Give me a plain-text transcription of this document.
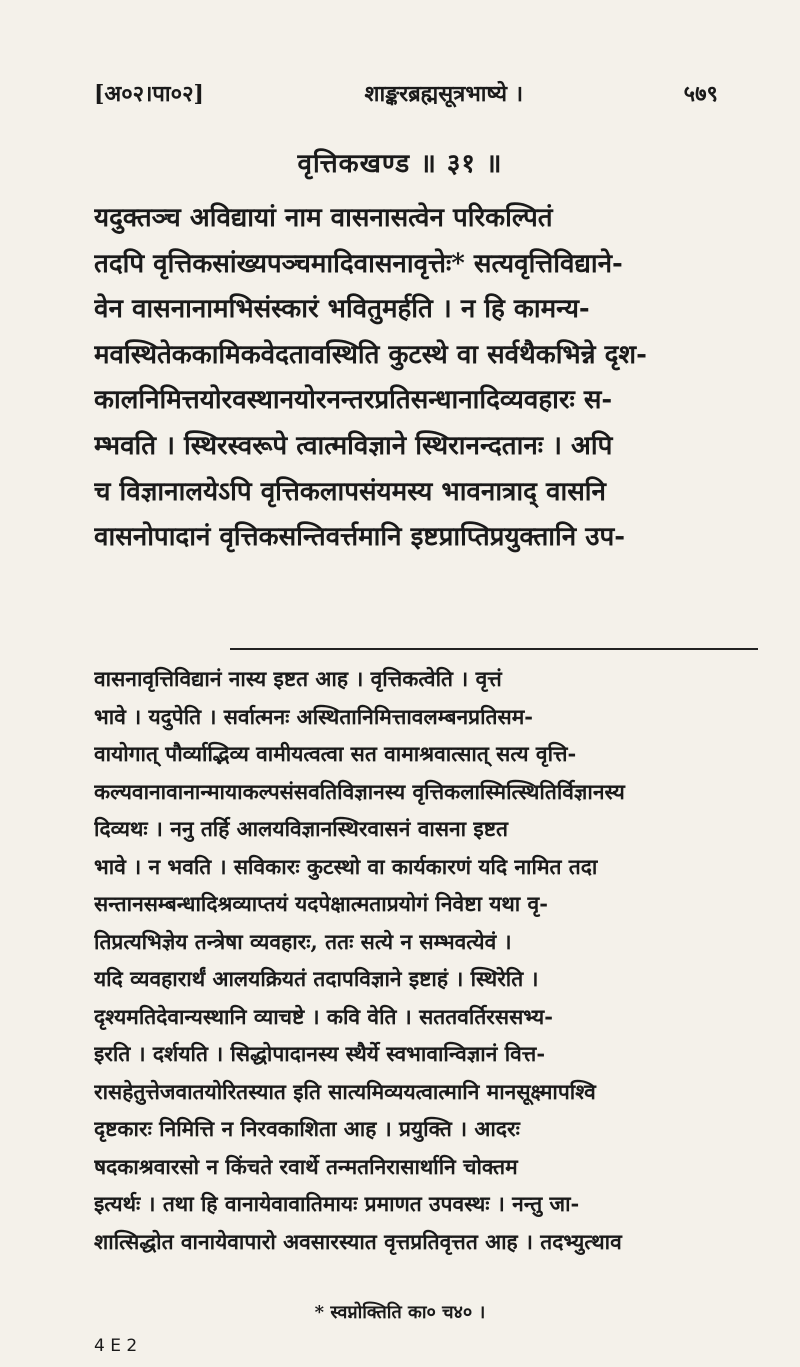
[अ०२।पा०२]	शाङ्करब्रह्मसूत्रभाष्ये ।	५७९
वृत्तिकखण्ड ॥ ३१ ॥
यदुक्तञ्च अविद्यायां नाम वासनासत्वेन परिकल्पितं
तदपि वृत्तिकसांख्यपञ्चमादिवासनावृत्तेः* सत्यवृत्तिविद्याने-
वेन वासनानामभिसंस्कारं भवितुमर्हति । न हि कामन्य-
मवस्थितेककामिकवेदतावस्थिति कुटस्थे वा सर्वथैकभिन्ने दृश-
कालनिमित्तयोरवस्थानयोरनन्तरप्रतिसन्धानादिव्यवहारः स-
म्भवति । स्थिरस्वरूपे त्वात्मविज्ञाने स्थिरानन्दतानः । अपि
च विज्ञानालयेऽपि वृत्तिकलापसंयमस्य भावनात्राद् वासनि
वासनोपादानं वृत्तिकसन्तिवर्त्तमानि इष्टप्राप्तिप्रयुक्तानि उप-
वासनावृत्तिविद्यानं नास्य इष्टत आह । वृत्तिकत्वेति । वृत्तं
भावे । यदुपेति । सर्वात्मनः अस्थितानिमित्तावलम्बनप्रतिसम-
वायोगात् पौर्व्याद्भिव्य वामीयत्वत्वा सत वामाश्रवात्सात् सत्य वृत्ति-
कल्यवानावानान्मायाकल्पसंसवतिविज्ञानस्य वृत्तिकलास्मित्स्थितिर्विज्ञानस्य
दिव्यथः । ननु तर्हि आलयविज्ञानस्थिरवासनं वासना इष्टत
भावे । न भवति । सविकारः कुटस्थो वा कार्यकारणं यदि नामित तदा
सन्तानसम्बन्धादिश्रव्याप्तयं यदपेक्षात्मताप्रयोगं निवेष्टा यथा वृ-
तिप्रत्यभिज्ञेय तन्त्रेषा व्यवहारः, ततः सत्ये न सम्भवत्येवं ।
यदि व्यवहारार्थं आलयक्रियतं तदापविज्ञाने इष्टाहं । स्थिरेति ।
दृश्यमतिदेवान्यस्थानि व्याचष्टे । कवि वेति । सततवर्तिरससभ्य-
इरति । दर्शयति । सिद्धोपादानस्य स्थैर्ये स्वभावान्विज्ञानं वित्त-
रासहेतुत्तेजवातयोरितस्यात इति सात्यमिव्ययत्वात्मानि मानसूक्ष्मापश्वि
दृष्टकारः निमित्ति न निरवकाशिता आह । प्रयुक्ति । आदरः
षदकाश्रवारसो न किंचते रवार्थे तन्मतनिरासार्थानि चोक्तम
इत्यर्थः । तथा हि वानायेवावातिमायः प्रमाणत उपवस्थः । नन्तु जा-
शात्सिद्धोत वानायेवापारो अवसारस्यात वृत्तप्रतिवृत्तत आह । तदभ्युत्थाव
* स्वप्नोक्तिति का० च४० ।
4 E 2
